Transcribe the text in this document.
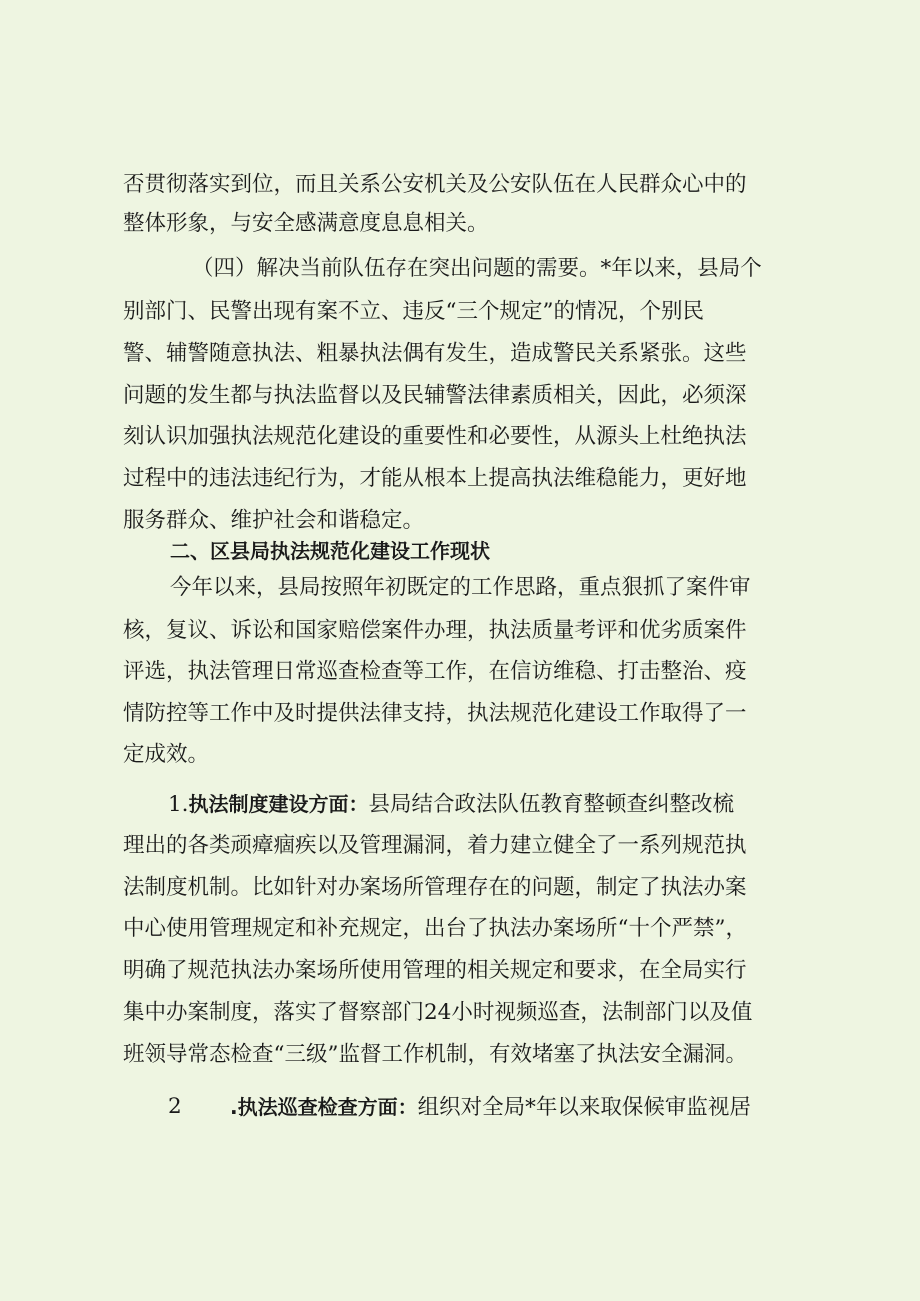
否贯彻落实到位，而且关系公安机关及公安队伍在人民群众心中的
整体形象，与安全感满意度息息相关。
（四）解决当前队伍存在突出问题的需要。*年以来，县局个
别部门、民警出现有案不立、违反“三个规定”的情况，个别民
警、辅警随意执法、粗暴执法偶有发生，造成警民关系紧张。这些
问题的发生都与执法监督以及民辅警法律素质相关，因此，必须深
刻认识加强执法规范化建设的重要性和必要性，从源头上杜绝执法
过程中的违法违纪行为，才能从根本上提高执法维稳能力，更好地
服务群众、维护社会和谐稳定。
二、区县局执法规范化建设工作现状
今年以来，县局按照年初既定的工作思路，重点狠抓了案件审
核，复议、诉讼和国家赔偿案件办理，执法质量考评和优劣质案件
评选，执法管理日常巡查检查等工作，在信访维稳、打击整治、疫
情防控等工作中及时提供法律支持，执法规范化建设工作取得了一
定成效。
1.执法制度建设方面：县局结合政法队伍教育整顿查纠整改梳
理出的各类顽瘴痼疾以及管理漏洞，着力建立健全了一系列规范执
法制度机制。比如针对办案场所管理存在的问题，制定了执法办案
中心使用管理规定和补充规定，出台了执法办案场所“十个严禁”，
明确了规范执法办案场所使用管理的相关规定和要求，在全局实行
集中办案制度，落实了督察部门24小时视频巡查，法制部门以及值
班领导常态检查“三级”监督工作机制，有效堵塞了执法安全漏洞。
2 .执法巡查检查方面：组织对全局*年以来取保候审监视居
